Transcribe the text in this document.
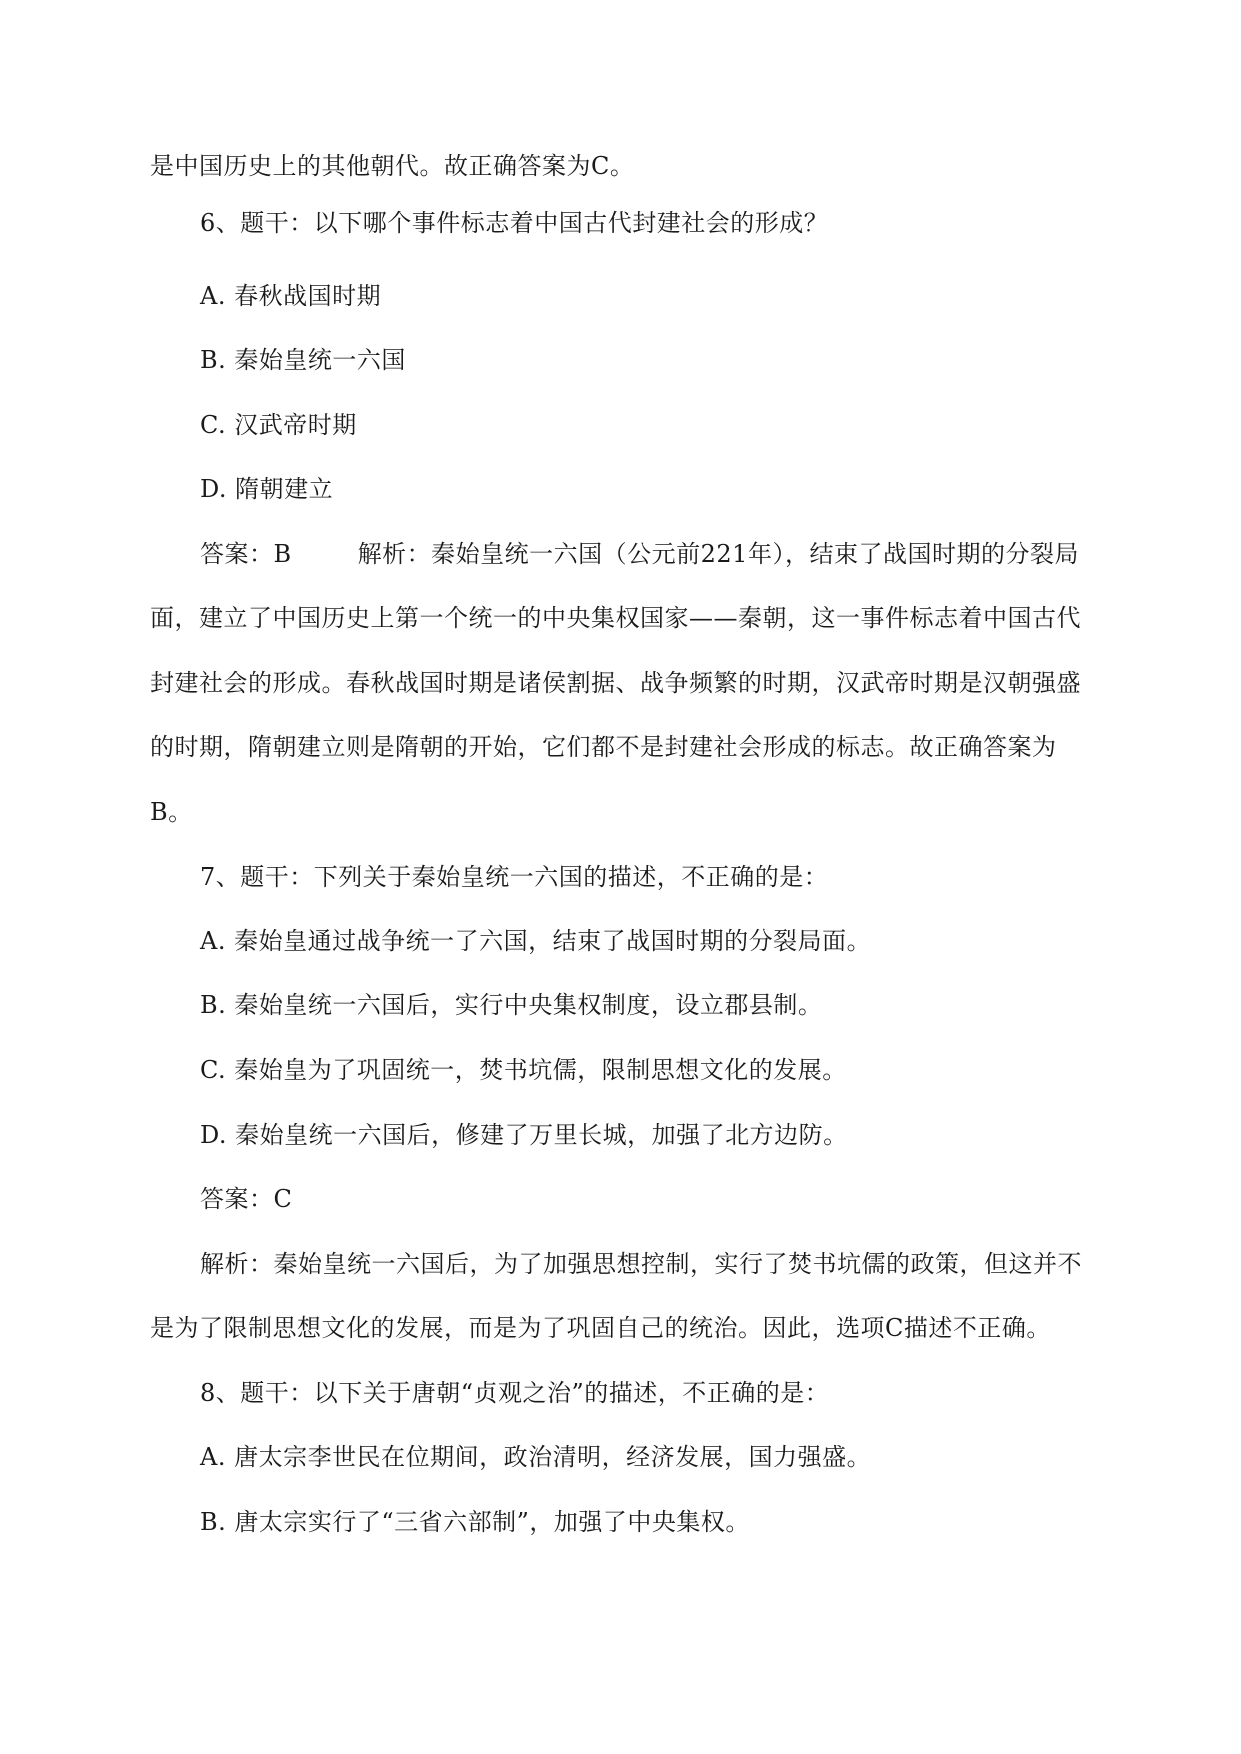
是中国历史上的其他朝代。故正确答案为C。
6、题干：以下哪个事件标志着中国古代封建社会的形成？
A. 春秋战国时期
B. 秦始皇统一六国
C. 汉武帝时期
D. 隋朝建立
答案：B	解析：秦始皇统一六国（公元前221年），结束了战国时期的分裂局
面，建立了中国历史上第一个统一的中央集权国家——秦朝，这一事件标志着中国古代
封建社会的形成。春秋战国时期是诸侯割据、战争频繁的时期，汉武帝时期是汉朝强盛
的时期，隋朝建立则是隋朝的开始，它们都不是封建社会形成的标志。故正确答案为
B。
7、题干：下列关于秦始皇统一六国的描述，不正确的是：
A. 秦始皇通过战争统一了六国，结束了战国时期的分裂局面。
B. 秦始皇统一六国后，实行中央集权制度，设立郡县制。
C. 秦始皇为了巩固统一，焚书坑儒，限制思想文化的发展。
D. 秦始皇统一六国后，修建了万里长城，加强了北方边防。
答案：C
解析：秦始皇统一六国后，为了加强思想控制，实行了焚书坑儒的政策，但这并不
是为了限制思想文化的发展，而是为了巩固自己的统治。因此，选项C描述不正确。
8、题干：以下关于唐朝“贞观之治”的描述，不正确的是：
A. 唐太宗李世民在位期间，政治清明，经济发展，国力强盛。
B. 唐太宗实行了“三省六部制”，加强了中央集权。
